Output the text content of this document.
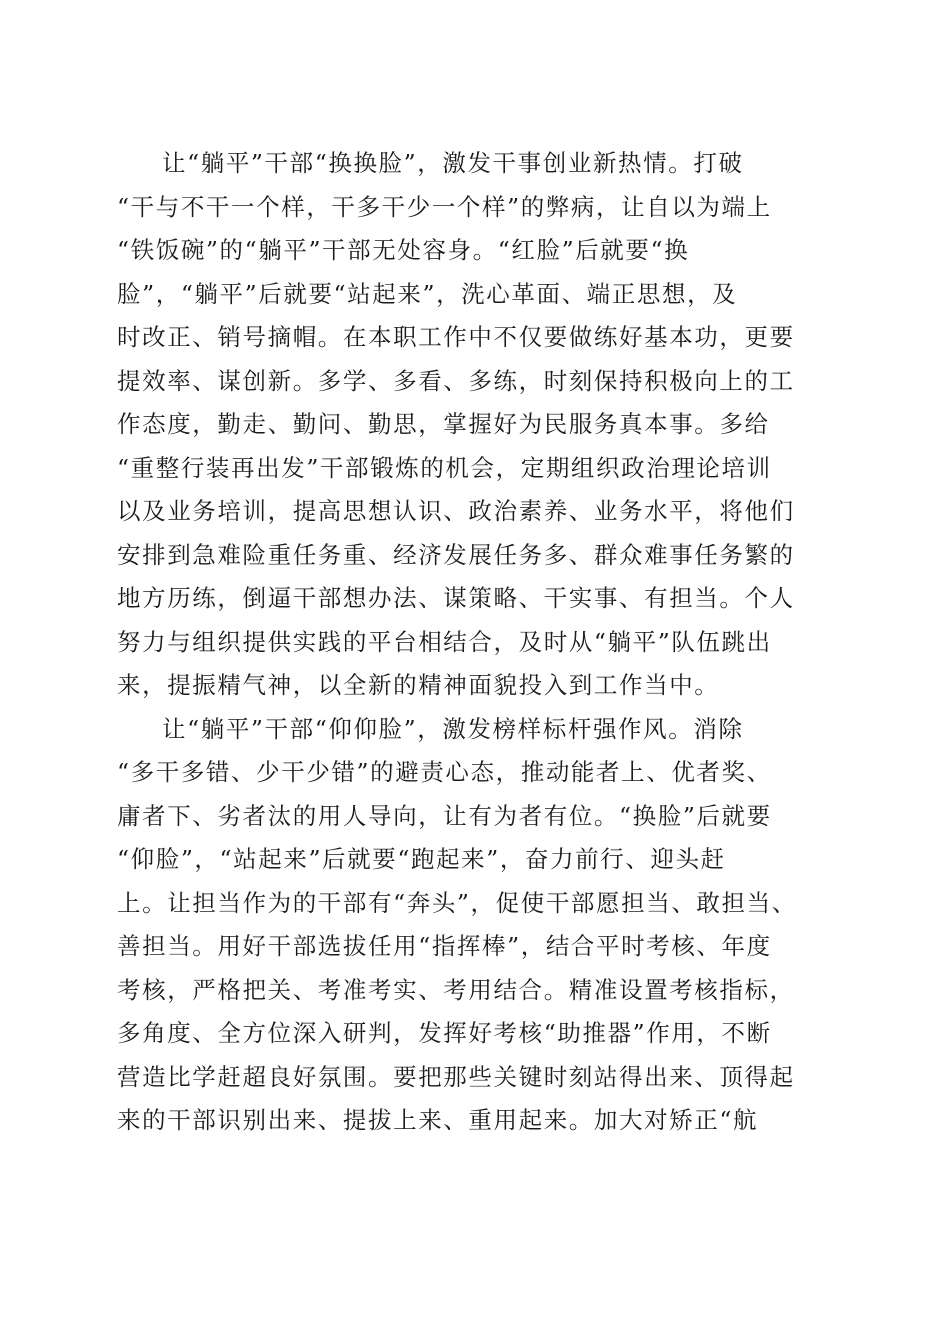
让“躺平”干部“换换脸”，激发干事创业新热情。打破
“干与不干一个样，干多干少一个样”的弊病，让自以为端上
“铁饭碗”的“躺平”干部无处容身。“红脸”后就要“换
脸”，“躺平”后就要“站起来”，洗心革面、端正思想，及
时改正、销号摘帽。在本职工作中不仅要做练好基本功，更要
提效率、谋创新。多学、多看、多练，时刻保持积极向上的工
作态度，勤走、勤问、勤思，掌握好为民服务真本事。多给
“重整行装再出发”干部锻炼的机会，定期组织政治理论培训
以及业务培训，提高思想认识、政治素养、业务水平，将他们
安排到急难险重任务重、经济发展任务多、群众难事任务繁的
地方历练，倒逼干部想办法、谋策略、干实事、有担当。个人
努力与组织提供实践的平台相结合，及时从“躺平”队伍跳出
来，提振精气神，以全新的精神面貌投入到工作当中。
让“躺平”干部“仰仰脸”，激发榜样标杆强作风。消除
“多干多错、少干少错”的避责心态，推动能者上、优者奖、
庸者下、劣者汰的用人导向，让有为者有位。“换脸”后就要
“仰脸”，“站起来”后就要“跑起来”，奋力前行、迎头赶
上。让担当作为的干部有“奔头”，促使干部愿担当、敢担当、
善担当。用好干部选拔任用“指挥棒”，结合平时考核、年度
考核，严格把关、考准考实、考用结合。精准设置考核指标，
多角度、全方位深入研判，发挥好考核“助推器”作用，不断
营造比学赶超良好氛围。要把那些关键时刻站得出来、顶得起
来的干部识别出来、提拔上来、重用起来。加大对矫正“航
